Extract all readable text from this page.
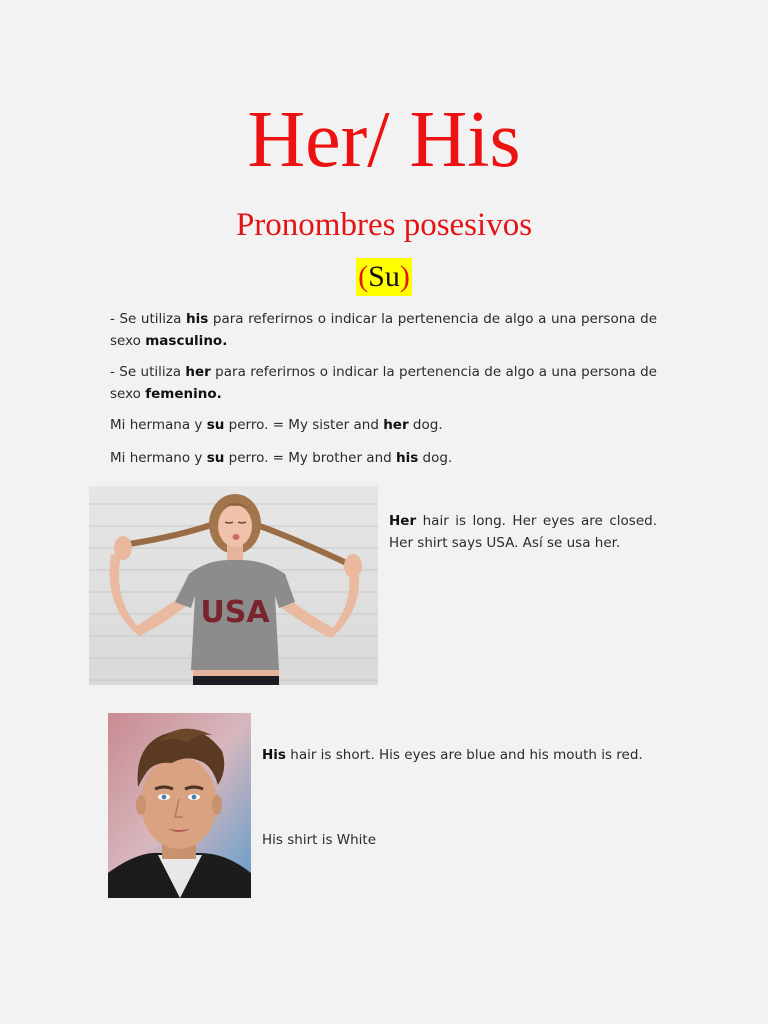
Her/ His
Pronombres posesivos
(Su)
- Se utiliza his para referirnos o indicar la pertenencia de algo a una persona de sexo masculino.
- Se utiliza her para referirnos o indicar la pertenencia de algo a una persona de sexo femenino.
Mi hermana y su perro. = My sister and her dog.
Mi hermano y su perro. = My brother and his dog.
USA
Her hair is long. Her eyes are closed. Her shirt says USA. Así se usa her.
His hair is short. His eyes are blue and his mouth is red.
His shirt is White
